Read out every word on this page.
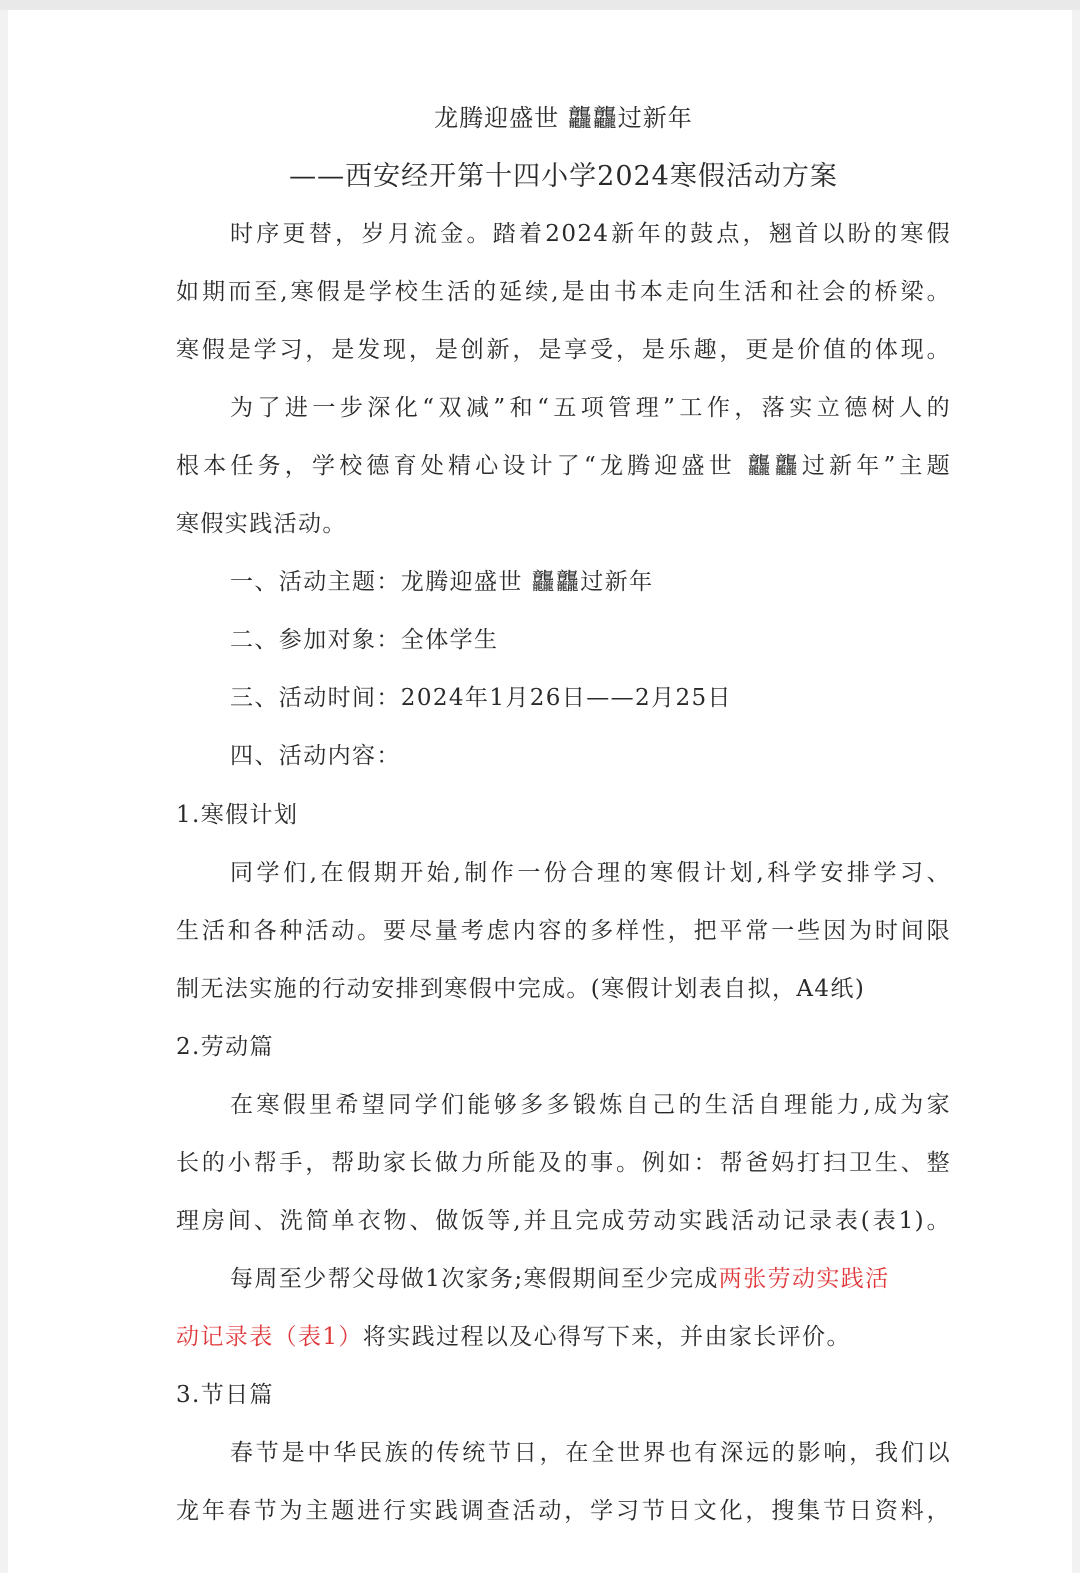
龙腾迎盛世 龘龘过新年
——西安经开第十四小学2024寒假活动方案
时序更替，岁月流金。踏着2024新年的鼓点，翘首以盼的寒假
如期而至,寒假是学校生活的延续,是由书本走向生活和社会的桥梁。
寒假是学习，是发现，是创新，是享受，是乐趣，更是价值的体现。
为了进一步深化“双减”和“五项管理”工作，落实立德树人的
根本任务，学校德育处精心设计了“龙腾迎盛世 龘龘过新年”主题
寒假实践活动。
一、活动主题：龙腾迎盛世 龘龘过新年
二、参加对象：全体学生
三、活动时间：2024年1月26日——2月25日
四、活动内容：
1.寒假计划
同学们,在假期开始,制作一份合理的寒假计划,科学安排学习、
生活和各种活动。要尽量考虑内容的多样性，把平常一些因为时间限
制无法实施的行动安排到寒假中完成。(寒假计划表自拟，A4纸)
2.劳动篇
在寒假里希望同学们能够多多锻炼自己的生活自理能力,成为家
长的小帮手，帮助家长做力所能及的事。例如：帮爸妈打扫卫生、整
理房间、洗简单衣物、做饭等,并且完成劳动实践活动记录表(表1)。
每周至少帮父母做1次家务;寒假期间至少完成两张劳动实践活
动记录表（表1）将实践过程以及心得写下来，并由家长评价。
3.节日篇
春节是中华民族的传统节日，在全世界也有深远的影响，我们以
龙年春节为主题进行实践调查活动，学习节日文化，搜集节日资料，
